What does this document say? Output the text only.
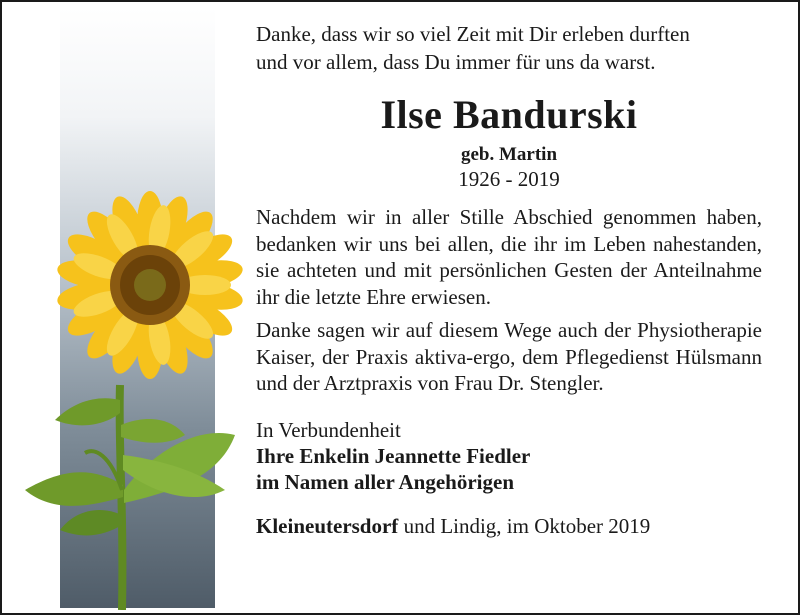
Danke, dass wir so viel Zeit mit Dir erleben durften
und vor allem, dass Du immer für uns da warst.

Ilse Bandurski
geb. Martin
1926 - 2019

Nachdem wir in aller Stille Abschied genommen haben, bedanken wir uns bei allen, die ihr im Leben nahestanden, sie achteten und mit persönlichen Gesten der Anteilnahme ihr die letzte Ehre erwiesen.

Danke sagen wir auf diesem Wege auch der Physiotherapie Kaiser, der Praxis aktiva-ergo, dem Pflegedienst Hülsmann und der Arztpraxis von Frau Dr. Stengler.

In Verbundenheit
Ihre Enkelin Jeannette Fiedler
im Namen aller Angehörigen
Kleineutersdorf und Lindig, im Oktober 2019
